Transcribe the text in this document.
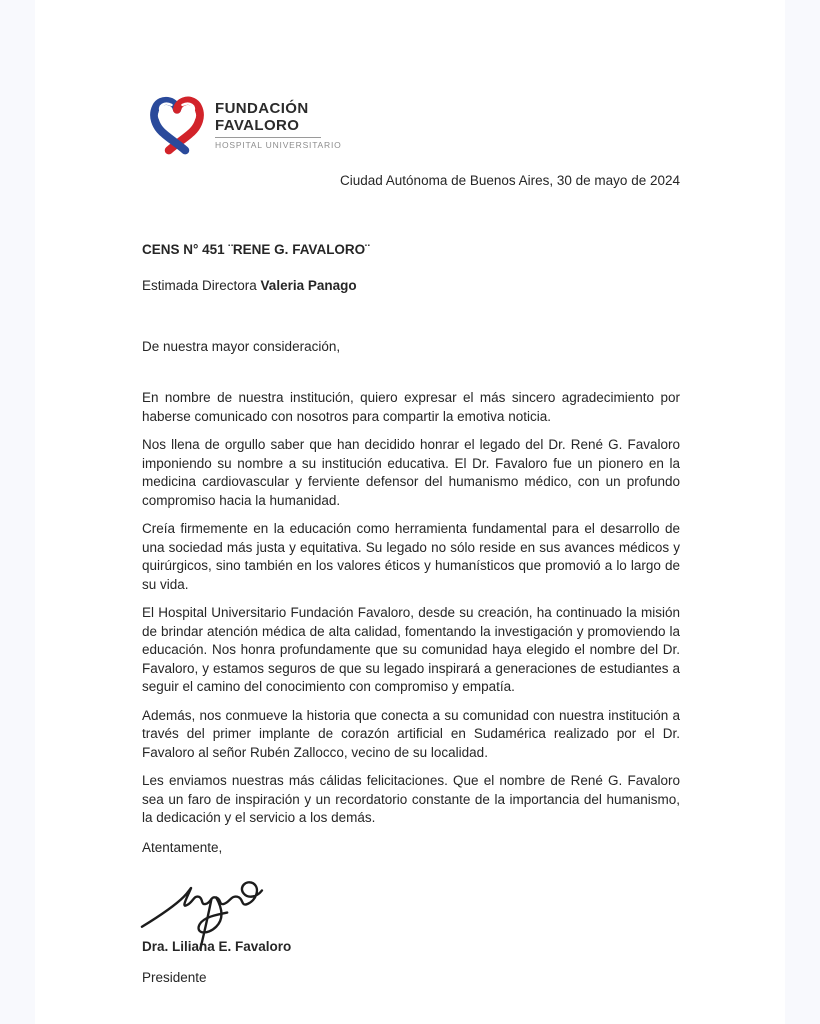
FUNDACIÓN
FAVALORO
HOSPITAL UNIVERSITARIO
Ciudad Autónoma de Buenos Aires, 30 de mayo de 2024
CENS N° 451 ¨RENE G. FAVALORO¨
Estimada Directora Valeria Panago
De nuestra mayor consideración,

En nombre de nuestra institución, quiero expresar el más sincero agradecimiento por haberse comunicado con nosotros para compartir la emotiva noticia.

Nos llena de orgullo saber que han decidido honrar el legado del Dr. René G. Favaloro imponiendo su nombre a su institución educativa. El Dr. Favaloro fue un pionero en la medicina cardiovascular y ferviente defensor del humanismo médico, con un profundo compromiso hacia la humanidad.

Creía firmemente en la educación como herramienta fundamental para el desarrollo de una sociedad más justa y equitativa. Su legado no sólo reside en sus avances médicos y quirúrgicos, sino también en los valores éticos y humanísticos que promovió a lo largo de su vida.

El Hospital Universitario Fundación Favaloro, desde su creación, ha continuado la misión de brindar atención médica de alta calidad, fomentando la investigación y promoviendo la educación. Nos honra profundamente que su comunidad haya elegido el nombre del Dr. Favaloro, y estamos seguros de que su legado inspirará a generaciones de estudiantes a seguir el camino del conocimiento con compromiso y empatía.

Además, nos conmueve la historia que conecta a su comunidad con nuestra institución a través del primer implante de corazón artificial en Sudamérica realizado por el Dr. Favaloro al señor Rubén Zallocco, vecino de su localidad.

Les enviamos nuestras más cálidas felicitaciones. Que el nombre de René G. Favaloro sea un faro de inspiración y un recordatorio constante de la importancia del humanismo, la dedicación y el servicio a los demás.

Atentamente,
Dra. Liliana E. Favaloro
Presidente
